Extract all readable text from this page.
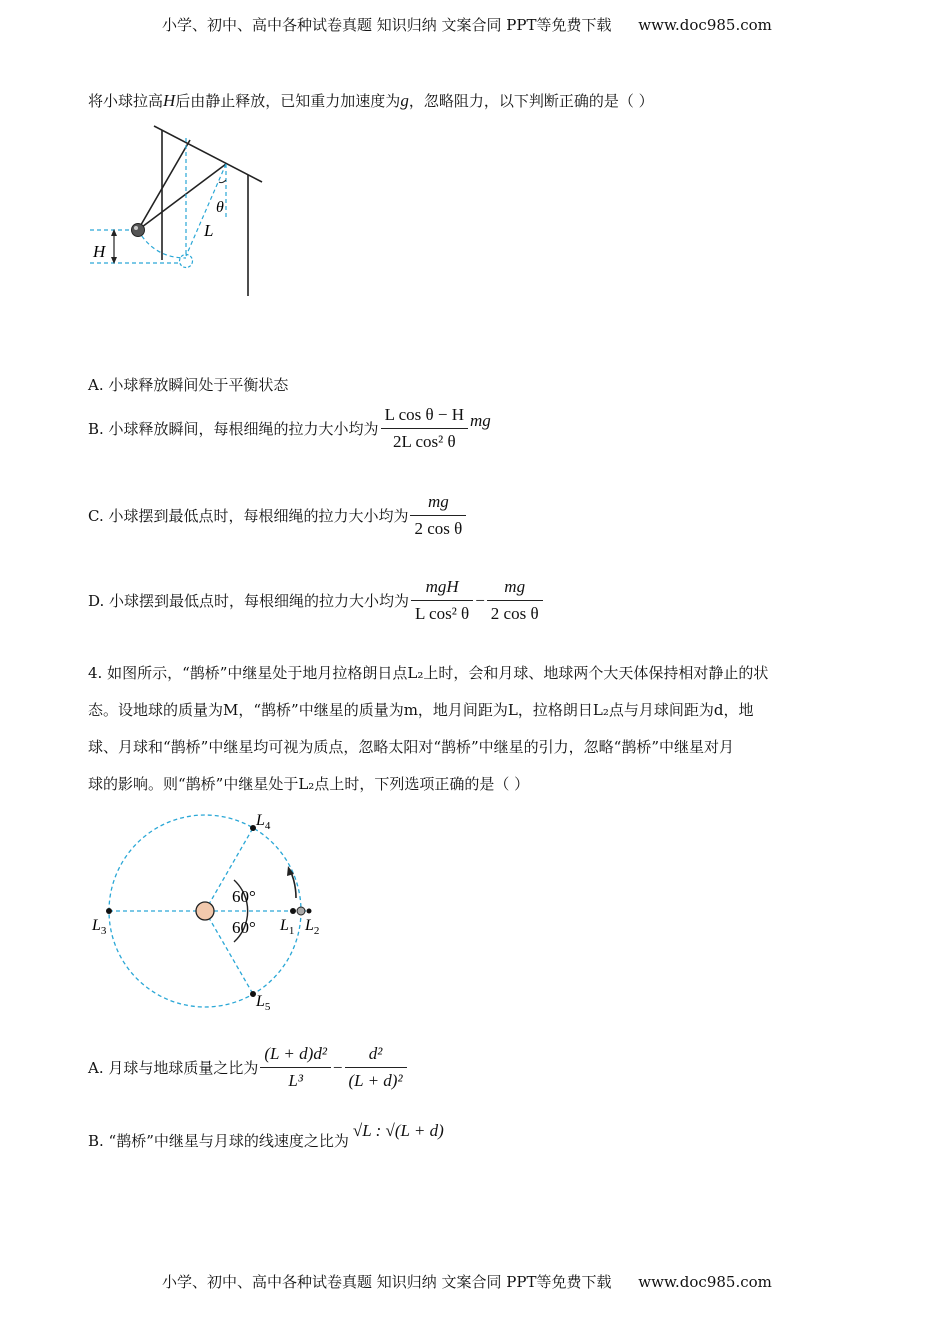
小学、初中、高中各种试卷真题 知识归纳 文案合同 PPT等免费下载 www.doc985.com
将小球拉高H后由静止释放，已知重力加速度为g，忽略阻力，以下判断正确的是（ ）
H
L
θ
A. 小球释放瞬间处于平衡状态
B. 小球释放瞬间，每根细绳的拉力大小均为 $\frac{\text{L cos θ − H}}{\text{2L cos² θ}}$ mg
C. 小球摆到最低点时，每根细绳的拉力大小均为 $\frac{mg}{\text{2 cos θ}}$
D. 小球摆到最低点时，每根细绳的拉力大小均为 $\frac{\text{mgH}}{\text{L cos² θ}} - \frac{mg}{\text{2 cos θ}}$
4. 如图所示，“鹊桥”中继星处于地月拉格朗日点L₂上时，会和月球、地球两个大天体保持相对静止的状
态。设地球的质量为M，“鹊桥”中继星的质量为m，地月间距为L，拉格朗日L₂点与月球间距为d，地
球、月球和“鹊桥”中继星均可视为质点，忽略太阳对“鹊桥”中继星的引力，忽略“鹊桥”中继星对月
球的影响。则“鹊桥”中继星处于L₂点上时，下列选项正确的是（ ）
$L_3$
$L_4$
$L_5$
$L_1$ $L_2$
60°
60°
A. 月球与地球质量之比为 $\frac{\text{(L + d)d²}}{\text{L³}} - \frac{\text{d²}}{\text{(L + d)²}}$
B. “鹊桥”中继星与月球的线速度之比为
√L : √(L + d)
小学、初中、高中各种试卷真题 知识归纳 文案合同 PPT等免费下载 www.doc985.com
